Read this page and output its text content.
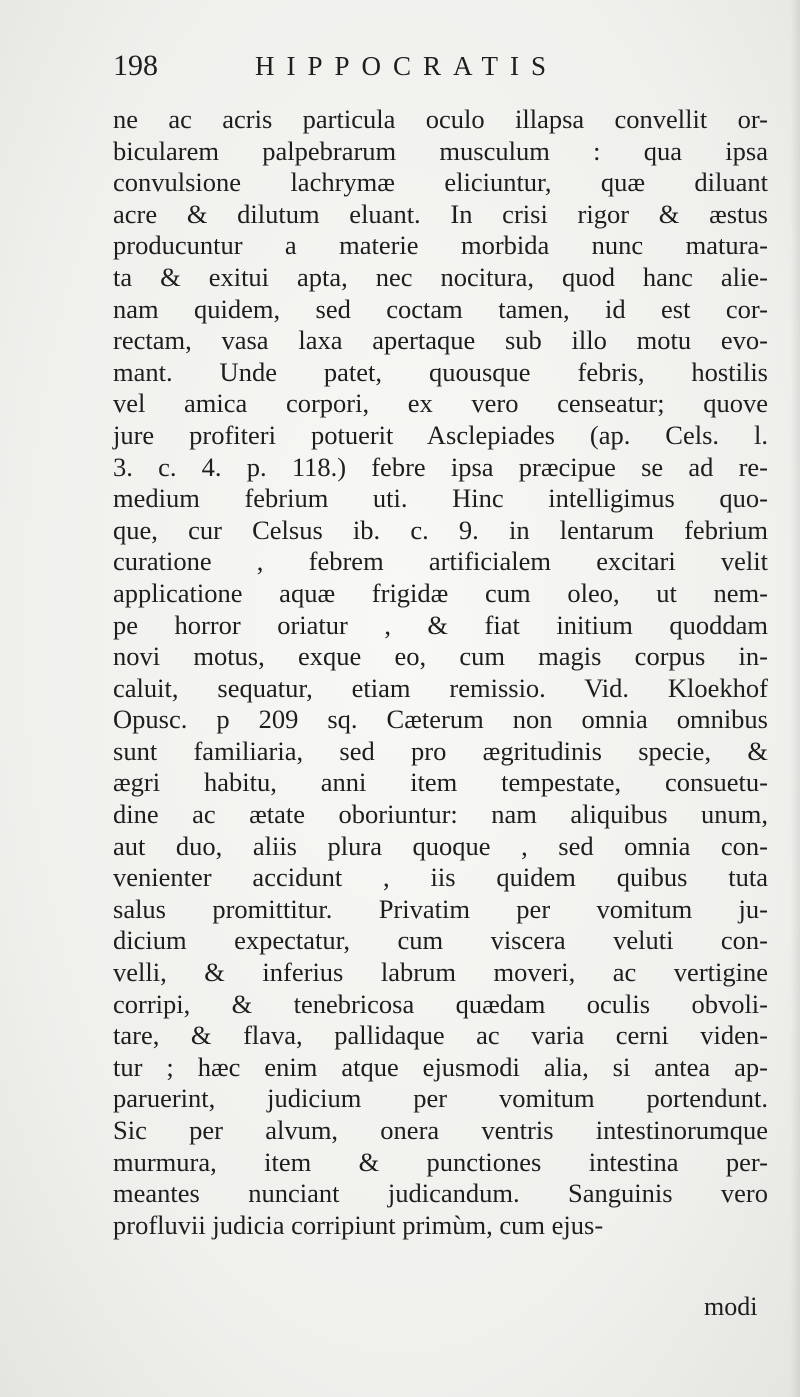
198	HIPPOCRATIS
ne ac acris particula oculo illapsa convellit or-
bicularem palpebrarum musculum : qua ipsa
convulsione lachrymæ eliciuntur, quæ diluant
acre & dilutum eluant. In crisi rigor & æstus
producuntur a materie morbida nunc matura-
ta & exitui apta, nec nocitura, quod hanc alie-
nam quidem, sed coctam tamen, id est cor-
rectam, vasa laxa apertaque sub illo motu evo-
mant. Unde patet, quousque febris, hostilis
vel amica corpori, ex vero censeatur; quove
jure profiteri potuerit Asclepiades (ap. Cels. l.
3. c. 4. p. 118.) febre ipsa præcipue se ad re-
medium febrium uti. Hinc intelligimus quo-
que, cur Celsus ib. c. 9. in lentarum febrium
curatione , febrem artificialem excitari velit
applicatione aquæ frigidæ cum oleo, ut nem-
pe horror oriatur , & fiat initium quoddam
novi motus, exque eo, cum magis corpus in-
caluit, sequatur, etiam remissio. Vid. Kloekhof
Opusc. p 209 sq. Cæterum non omnia omnibus
sunt familiaria, sed pro ægritudinis specie, &
ægri habitu, anni item tempestate, consuetu-
dine ac ætate oboriuntur: nam aliquibus unum,
aut duo, aliis plura quoque , sed omnia con-
venienter accidunt , iis quidem quibus tuta
salus promittitur. Privatim per vomitum ju-
dicium expectatur, cum viscera veluti con-
velli, & inferius labrum moveri, ac vertigine
corripi, & tenebricosa quædam oculis obvoli-
tare, & flava, pallidaque ac varia cerni viden-
tur ; hæc enim atque ejusmodi alia, si antea ap-
paruerint, judicium per vomitum portendunt.
Sic per alvum, onera ventris intestinorumque
murmura, item & punctiones intestina per-
meantes nunciant judicandum. Sanguinis vero
profluvii judicia corripiunt primùm, cum ejus-
modi
